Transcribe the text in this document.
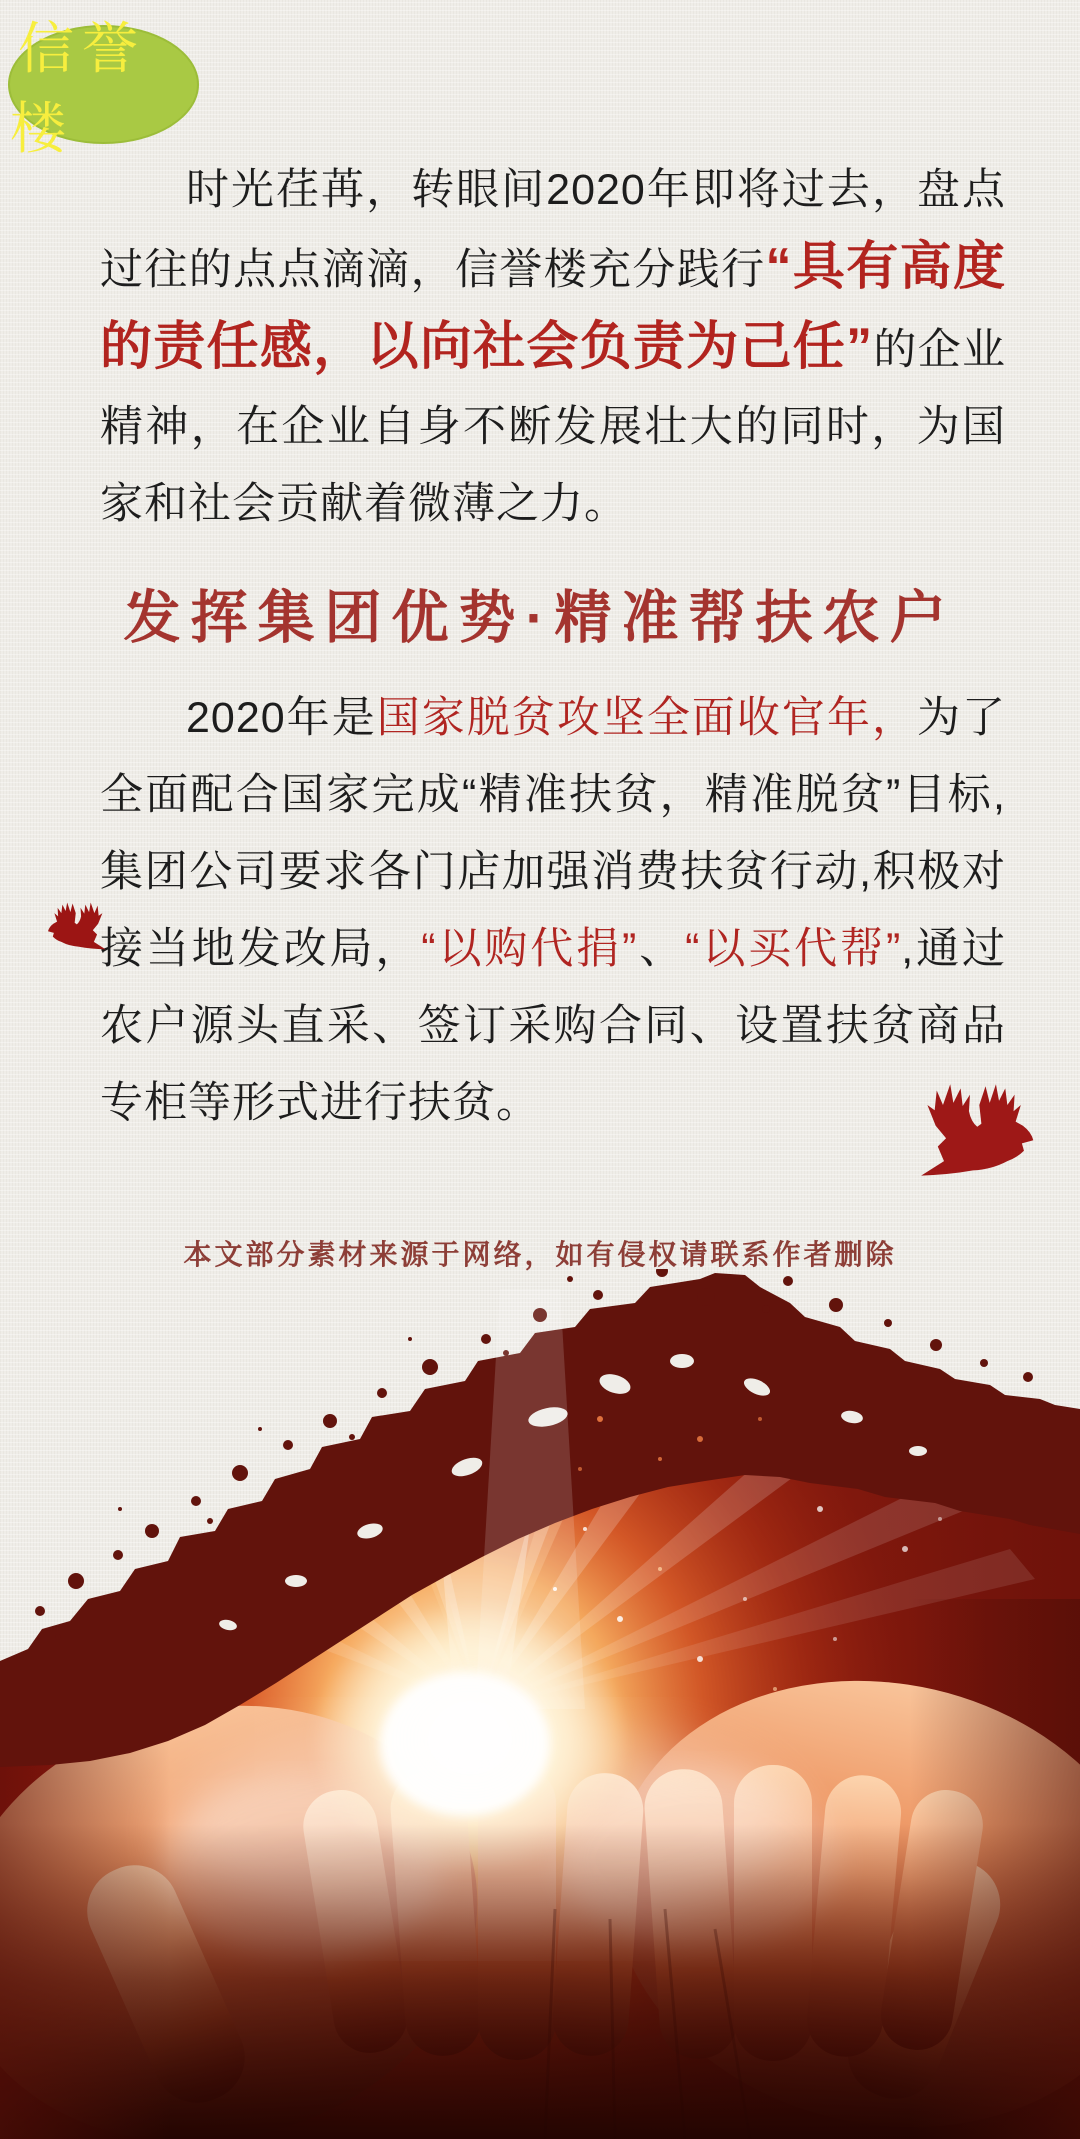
信誉楼
时光荏苒，转眼间2020年即将过去，盘点过往的点点滴滴，信誉楼充分践行“具有高度的责任感，以向社会负责为己任”的企业精神，在企业自身不断发展壮大的同时，为国家和社会贡献着微薄之力。
发挥集团优势·精准帮扶农户
2020年是国家脱贫攻坚全面收官年，为了全面配合国家完成“精准扶贫，精准脱贫”目标,集团公司要求各门店加强消费扶贫行动,积极对接当地发改局，“以购代捐”、“以买代帮”,通过农户源头直采、签订采购合同、设置扶贫商品专柜等形式进行扶贫。
本文部分素材来源于网络，如有侵权请联系作者删除
